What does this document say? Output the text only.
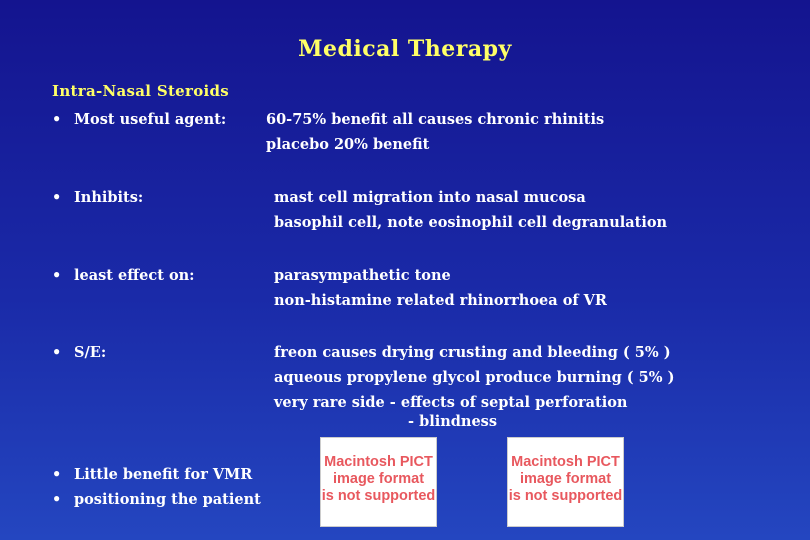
Medical Therapy
Intra-Nasal Steroids
• Most useful agent:	60-75% benefit all causes chronic rhinitis
placebo 20% benefit
• Inhibits:	mast cell migration into nasal mucosa
basophil cell, note eosinophil cell degranulation
• least effect on:	parasympathetic tone
non-histamine related rhinorrhoea of VR
• S/E:	freon causes drying crusting and bleeding ( 5% )
aqueous propylene glycol produce burning ( 5% )
very rare side - effects of septal perforation
- blindness
• Little benefit for VMR
• positioning the patient
Macintosh PICT
image format
is not supported
Macintosh PICT
image format
is not supported
